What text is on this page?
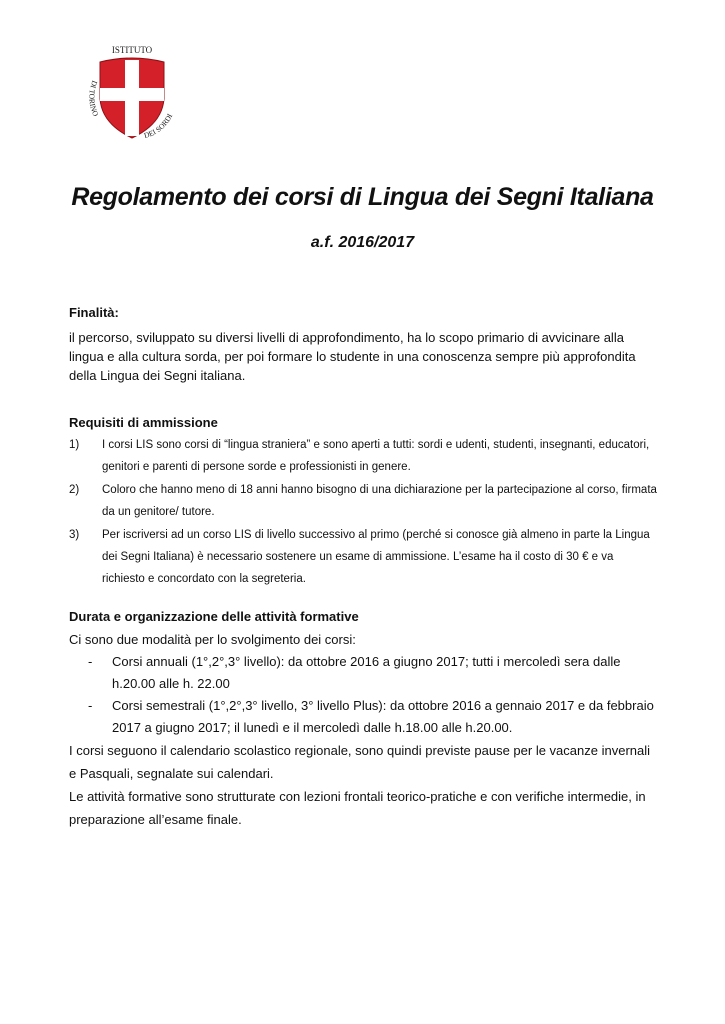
ISTITUTO
DI TORINO
DEI SORDI
Regolamento dei corsi di Lingua dei Segni Italiana
a.f. 2016/2017
Finalità:

il percorso, sviluppato su diversi livelli di approfondimento, ha lo scopo primario di avvicinare alla lingua e alla cultura sorda, per poi formare lo studente in una conoscenza sempre più approfondita della Lingua dei Segni italiana.

Requisiti di ammissione
1)	I corsi LIS sono corsi di “lingua straniera” e sono aperti a tutti: sordi e udenti, studenti, insegnanti, educatori, genitori e parenti di persone sorde e professionisti in genere.
2)	Coloro che hanno meno di 18 anni hanno bisogno di una dichiarazione per la partecipazione al corso, firmata da un genitore/ tutore.
3)	Per iscriversi ad un corso LIS di livello successivo al primo (perché si conosce già almeno in parte la Lingua dei Segni Italiana) è necessario sostenere un esame di ammissione. L’esame ha il costo di 30 € e va richiesto e concordato con la segreteria.
Durata e organizzazione delle attività formative

Ci sono due modalità per lo svolgimento dei corsi:

- Corsi annuali (1°,2°,3° livello): da ottobre 2016 a giugno 2017; tutti i mercoledì sera dalle h.20.00 alle h. 22.00
- Corsi semestrali (1°,2°,3° livello, 3° livello Plus): da ottobre 2016 a gennaio 2017 e da febbraio 2017 a giugno 2017; il lunedì e il mercoledì dalle h.18.00 alle h.20.00.

I corsi seguono il calendario scolastico regionale, sono quindi previste pause per le vacanze invernali e Pasquali, segnalate sui calendari.

Le attività formative sono strutturate con lezioni frontali teorico-pratiche e con verifiche intermedie, in preparazione all’esame finale.
